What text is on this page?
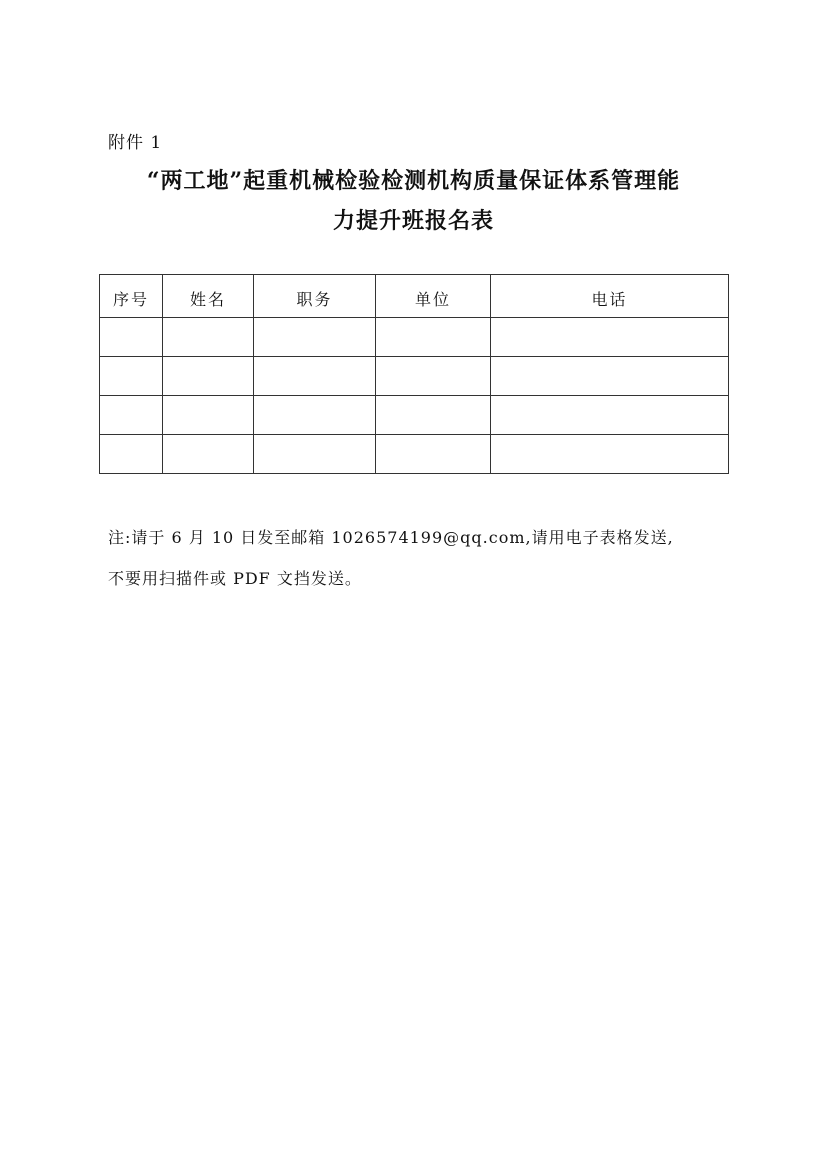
附件 1
“两工地”起重机械检验检测机构质量保证体系管理能
力提升班报名表
序号	姓名	职务	单位	电话

注:请于 6 月 10 日发至邮箱 1026574199@qq.com,请用电子表格发送,
不要用扫描件或 PDF 文挡发送。
